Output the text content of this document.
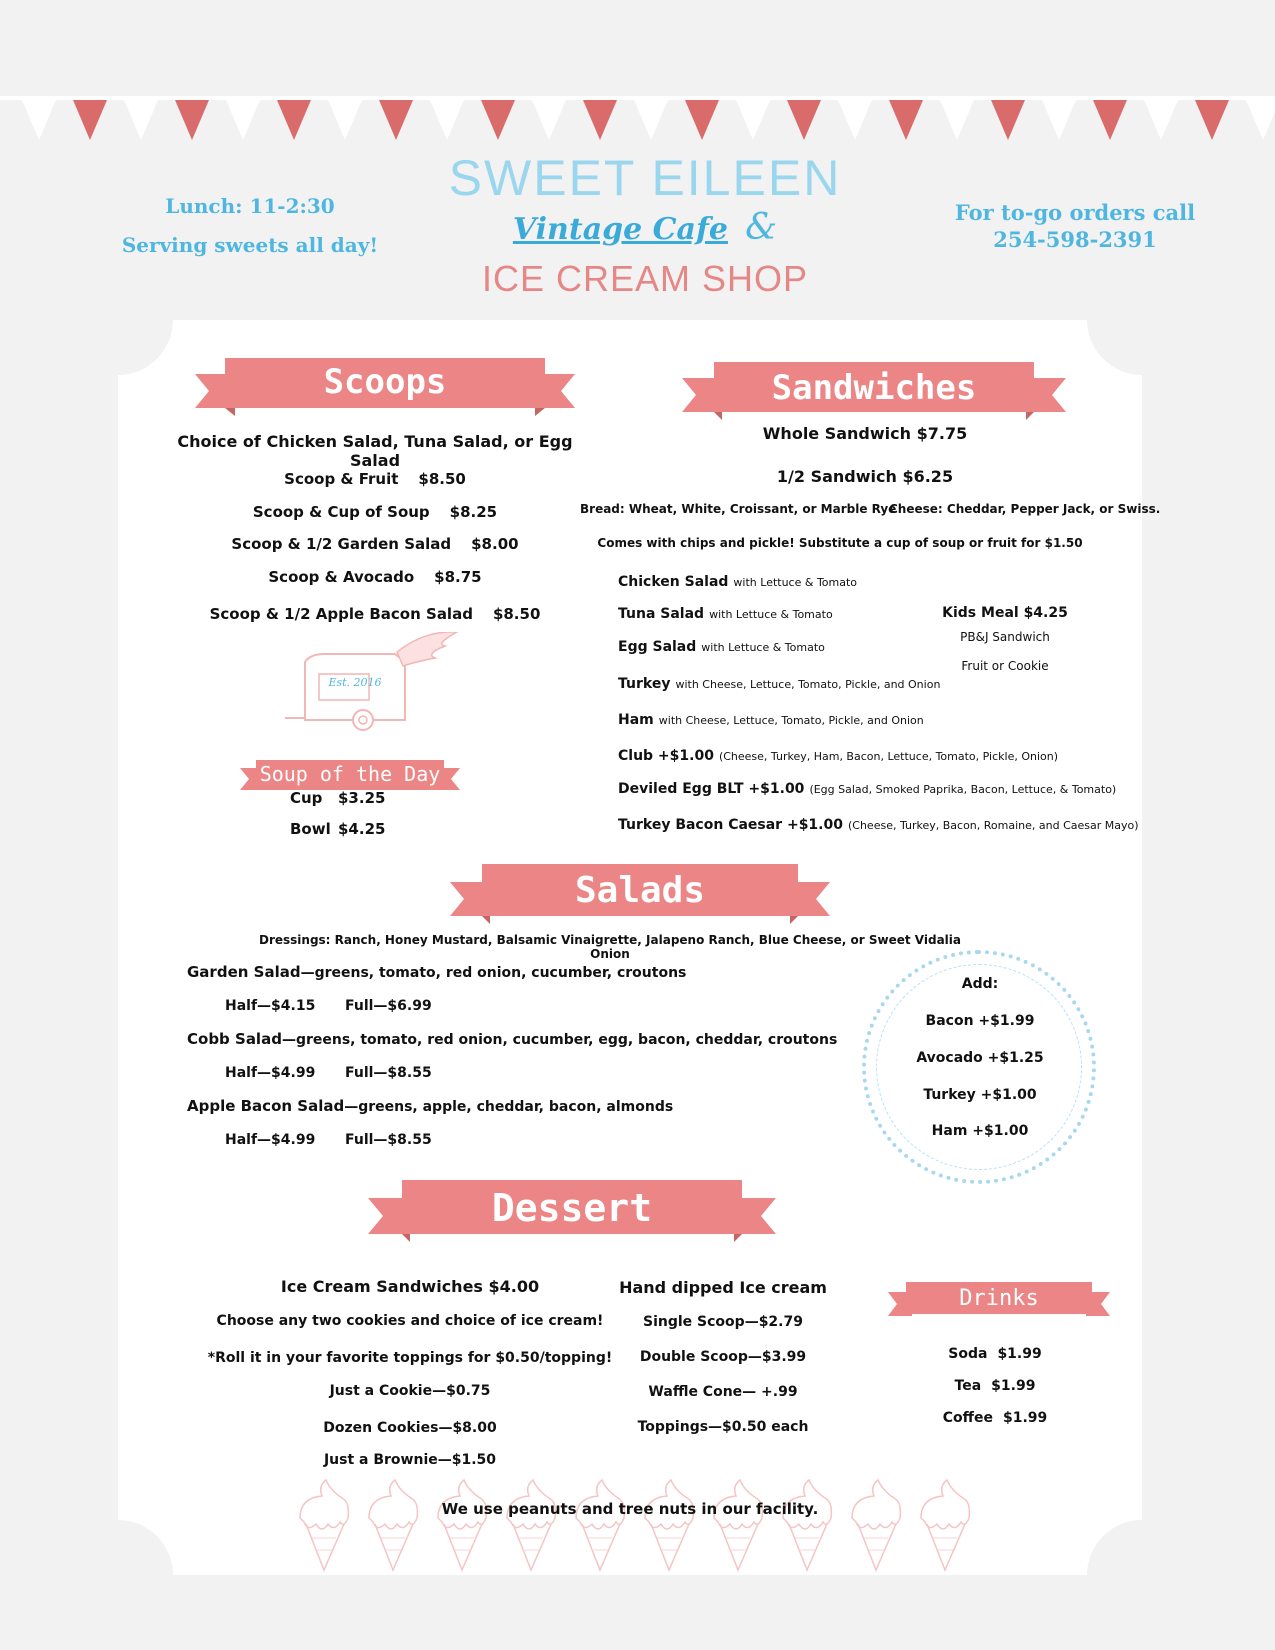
Lunch: 11-2:30
Serving sweets all day!
SWEET EILEEN
Vintage Cafe &
ICE CREAM SHOP
For to-go orders call
254-598-2391
Scoops
Choice of Chicken Salad, Tuna Salad, or Egg Salad
Est. 2016
Soup of the Day
Sandwiches
Whole Sandwich $7.75
1/2 Sandwich $6.25
Bread: Wheat, White, Croissant, or Marble Rye
Cheese: Cheddar, Pepper Jack, or Swiss.
Comes with chips and pickle! Substitute a cup of soup or fruit for $1.50
Kids Meal $4.25
PB&J Sandwich
Fruit or Cookie
Salads
Dressings: Ranch, Honey Mustard, Balsamic Vinaigrette, Jalapeno Ranch, Blue Cheese, or Sweet Vidalia Onion
Add:
Dessert
Drinks
We use peanuts and tree nuts in our facility.
Scoop & Fruit $8.50
Scoop & Cup of Soup $8.25
Scoop & 1/2 Garden Salad $8.00
Scoop & Avocado $8.75
Scoop & 1/2 Apple Bacon Salad $8.50
Cup $3.25
Bowl $4.25
Chicken Salad with Lettuce & Tomato
Tuna Salad with Lettuce & Tomato
Egg Salad with Lettuce & Tomato
Turkey with Cheese, Lettuce, Tomato, Pickle, and Onion
Ham with Cheese, Lettuce, Tomato, Pickle, and Onion
Club +$1.00 (Cheese, Turkey, Ham, Bacon, Lettuce, Tomato, Pickle, Onion)
Deviled Egg BLT +$1.00 (Egg Salad, Smoked Paprika, Bacon, Lettuce, & Tomato)
Turkey Bacon Caesar +$1.00 (Cheese, Turkey, Bacon, Romaine, and Caesar Mayo)
Garden Salad—greens, tomato, red onion, cucumber, croutons
Half—$4.15 Full—$6.99
Cobb Salad—greens, tomato, red onion, cucumber, egg, bacon, cheddar, croutons
Half—$4.99 Full—$8.55
Apple Bacon Salad—greens, apple, cheddar, bacon, almonds
Half—$4.99 Full—$8.55
Bacon +$1.99
Avocado +$1.25
Turkey +$1.00
Ham +$1.00
Ice Cream Sandwiches $4.00
Choose any two cookies and choice of ice cream!
*Roll it in your favorite toppings for $0.50/topping!
Just a Cookie—$0.75
Dozen Cookies—$8.00
Just a Brownie—$1.50
Hand dipped Ice cream
Single Scoop—$2.79
Double Scoop—$3.99
Waffle Cone— +.99
Toppings—$0.50 each
Soda $1.99
Tea $1.99
Coffee $1.99
